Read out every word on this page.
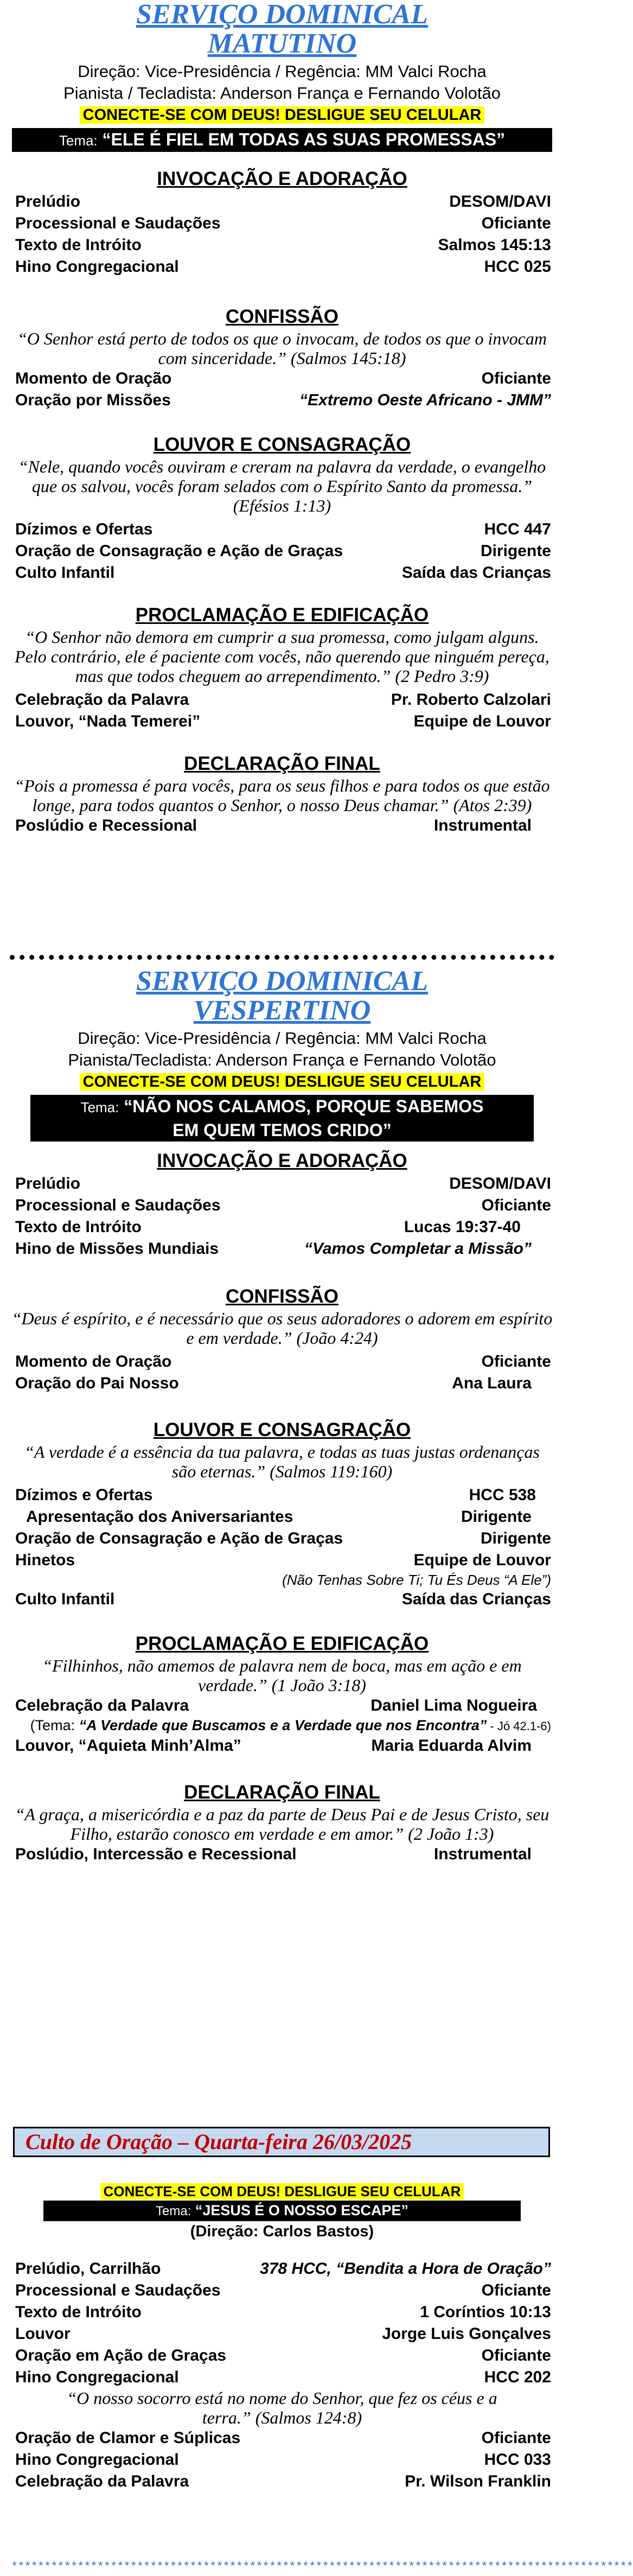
SERVIÇO DOMINICAL
MATUTINO
Direção: Vice-Presidência / Regência: MM Valci Rocha
Pianista / Tecladista: Anderson França e Fernando Volotão
CONECTE-SE COM DEUS! DESLIGUE SEU CELULAR
Tema: “ELE É FIEL EM TODAS AS SUAS PROMESSAS”
INVOCAÇÃO E ADORAÇÃO
Prelúdio	DESOM/DAVI
Processional e Saudações	Oficiante
Texto de Intróito	Salmos 145:13
Hino Congregacional	HCC 025
CONFISSÃO
“O Senhor está perto de todos os que o invocam, de todos os que o invocam com sinceridade.” (Salmos 145:18)
Momento de Oração	Oficiante
Oração por Missões	“Extremo Oeste Africano - JMM”
LOUVOR E CONSAGRAÇÃO
“Nele, quando vocês ouviram e creram na palavra da verdade, o evangelho que os salvou, vocês foram selados com o Espírito Santo da promessa.” (Efésios 1:13)
Dízimos e Ofertas	HCC 447
Oração de Consagração e Ação de Graças	Dirigente
Culto Infantil	Saída das Crianças
PROCLAMAÇÃO E EDIFICAÇÃO
“O Senhor não demora em cumprir a sua promessa, como julgam alguns. Pelo contrário, ele é paciente com vocês, não querendo que ninguém pereça, mas que todos cheguem ao arrependimento.” (2 Pedro 3:9)
Celebração da Palavra	Pr. Roberto Calzolari
Louvor, “Nada Temerei”	Equipe de Louvor
DECLARAÇÃO FINAL
“Pois a promessa é para vocês, para os seus filhos e para todos os que estão longe, para todos quantos o Senhor, o nosso Deus chamar.” (Atos 2:39)
Poslúdio e Recessional	Instrumental
SERVIÇO DOMINICAL
VESPERTINO
Direção: Vice-Presidência / Regência: MM Valci Rocha
Pianista/Tecladista: Anderson França e Fernando Volotão
CONECTE-SE COM DEUS! DESLIGUE SEU CELULAR
Tema: “NÃO NOS CALAMOS, PORQUE SABEMOS
EM QUEM TEMOS CRIDO”
INVOCAÇÃO E ADORAÇÃO
Prelúdio	DESOM/DAVI
Processional e Saudações	Oficiante
Texto de Intróito	Lucas 19:37-40
Hino de Missões Mundiais	“Vamos Completar a Missão”
CONFISSÃO
“Deus é espírito, e é necessário que os seus adoradores o adorem em espírito e em verdade.” (João 4:24)
Momento de Oração	Oficiante
Oração do Pai Nosso	Ana Laura
LOUVOR E CONSAGRAÇÃO
“A verdade é a essência da tua palavra, e todas as tuas justas ordenanças são eternas.” (Salmos 119:160)
Dízimos e Ofertas	HCC 538
Apresentação dos Aniversariantes	Dirigente
Oração de Consagração e Ação de Graças	Dirigente
Hinetos	Equipe de Louvor
(Não Tenhas Sobre Ti; Tu És Deus “A Ele”)
Culto Infantil	Saída das Crianças
PROCLAMAÇÃO E EDIFICAÇÃO
“Filhinhos, não amemos de palavra nem de boca, mas em ação e em verdade.” (1 João 3:18)
Celebração da Palavra	Daniel Lima Nogueira
(Tema: “A Verdade que Buscamos e a Verdade que nos Encontra” - Jó 42.1-6)
Louvor, “Aquieta Minh’Alma”	Maria Eduarda Alvim
DECLARAÇÃO FINAL
“A graça, a misericórdia e a paz da parte de Deus Pai e de Jesus Cristo, seu Filho, estarão conosco em verdade e em amor.” (2 João 1:3)
Poslúdio, Intercessão e Recessional	Instrumental
Culto de Oração – Quarta-feira 26/03/2025
CONECTE-SE COM DEUS! DESLIGUE SEU CELULAR
Tema: “JESUS É O NOSSO ESCAPE”
(Direção: Carlos Bastos)
Prelúdio, Carrilhão	378 HCC, “Bendita a Hora de Oração”
Processional e Saudações	Oficiante
Texto de Intróito	1 Coríntios 10:13
Louvor	Jorge Luis Gonçalves
Oração em Ação de Graças	Oficiante
Hino Congregacional	HCC 202
“O nosso socorro está no nome do Senhor, que fez os céus e a terra.” (Salmos 124:8)
Oração de Clamor e Súplicas	Oficiante
Hino Congregacional	HCC 033
Celebração da Palavra	Pr. Wilson Franklin
**********************************************************************************************
